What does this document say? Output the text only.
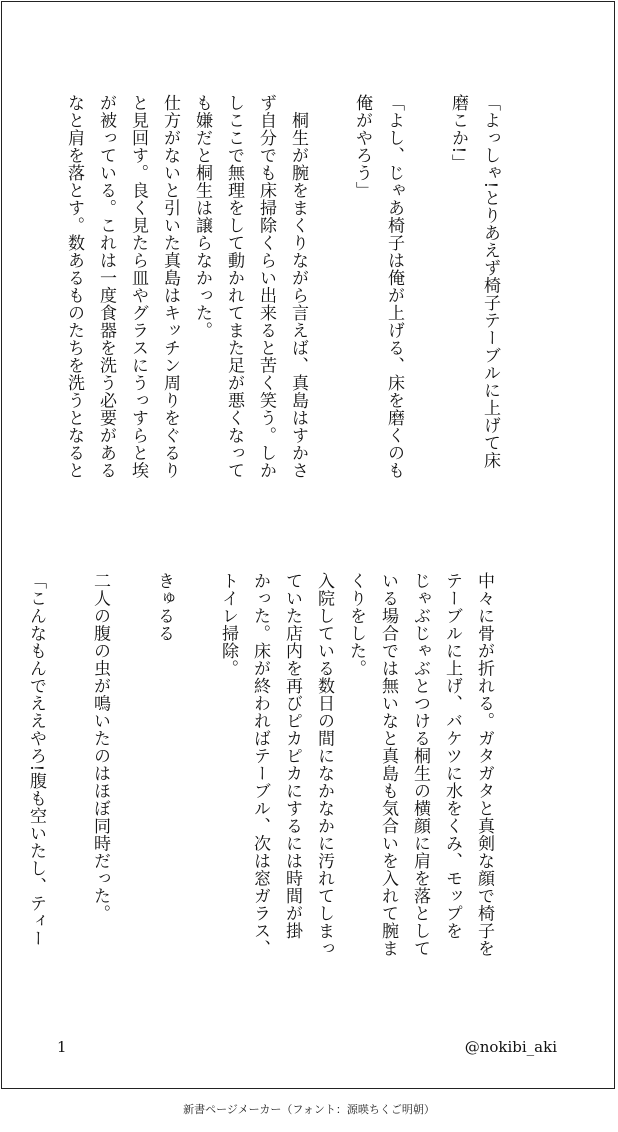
「よっしゃ!とりあえず椅子テーブルに上げて床
磨こか!」

「よし、じゃあ椅子は俺が上げる、床を磨くのも
俺がやろう」

　桐生が腕をまくりながら言えば、真島はすかさ
ず自分でも床掃除くらい出来ると苦く笑う。しか
しここで無理をして動かれてまた足が悪くなって
も嫌だと桐生は譲らなかった。
仕方がないと引いた真島はキッチン周りをぐるり
と見回す。良く見たら皿やグラスにうっすらと埃
が被っている。これは一度食器を洗う必要がある
なと肩を落とす。数あるものたちを洗うとなると
中々に骨が折れる。ガタガタと真剣な顔で椅子を
テーブルに上げ、バケツに水をくみ、モップを
じゃぶじゃぶとつける桐生の横顔に肩を落として
いる場合では無いなと真島も気合いを入れて腕ま
くりをした。
入院している数日の間になかなかに汚れてしまっ
ていた店内を再びピカピカにするには時間が掛
かった。床が終わればテーブル、次は窓ガラス、
トイレ掃除。

きゅるる

二人の腹の虫が鳴いたのはほぼ同時だった。

「こんなもんでええやろ!腹も空いたし、ティー
1	@nokibi_aki
新書ページメーカー（フォント：源暎ちくご明朝）
